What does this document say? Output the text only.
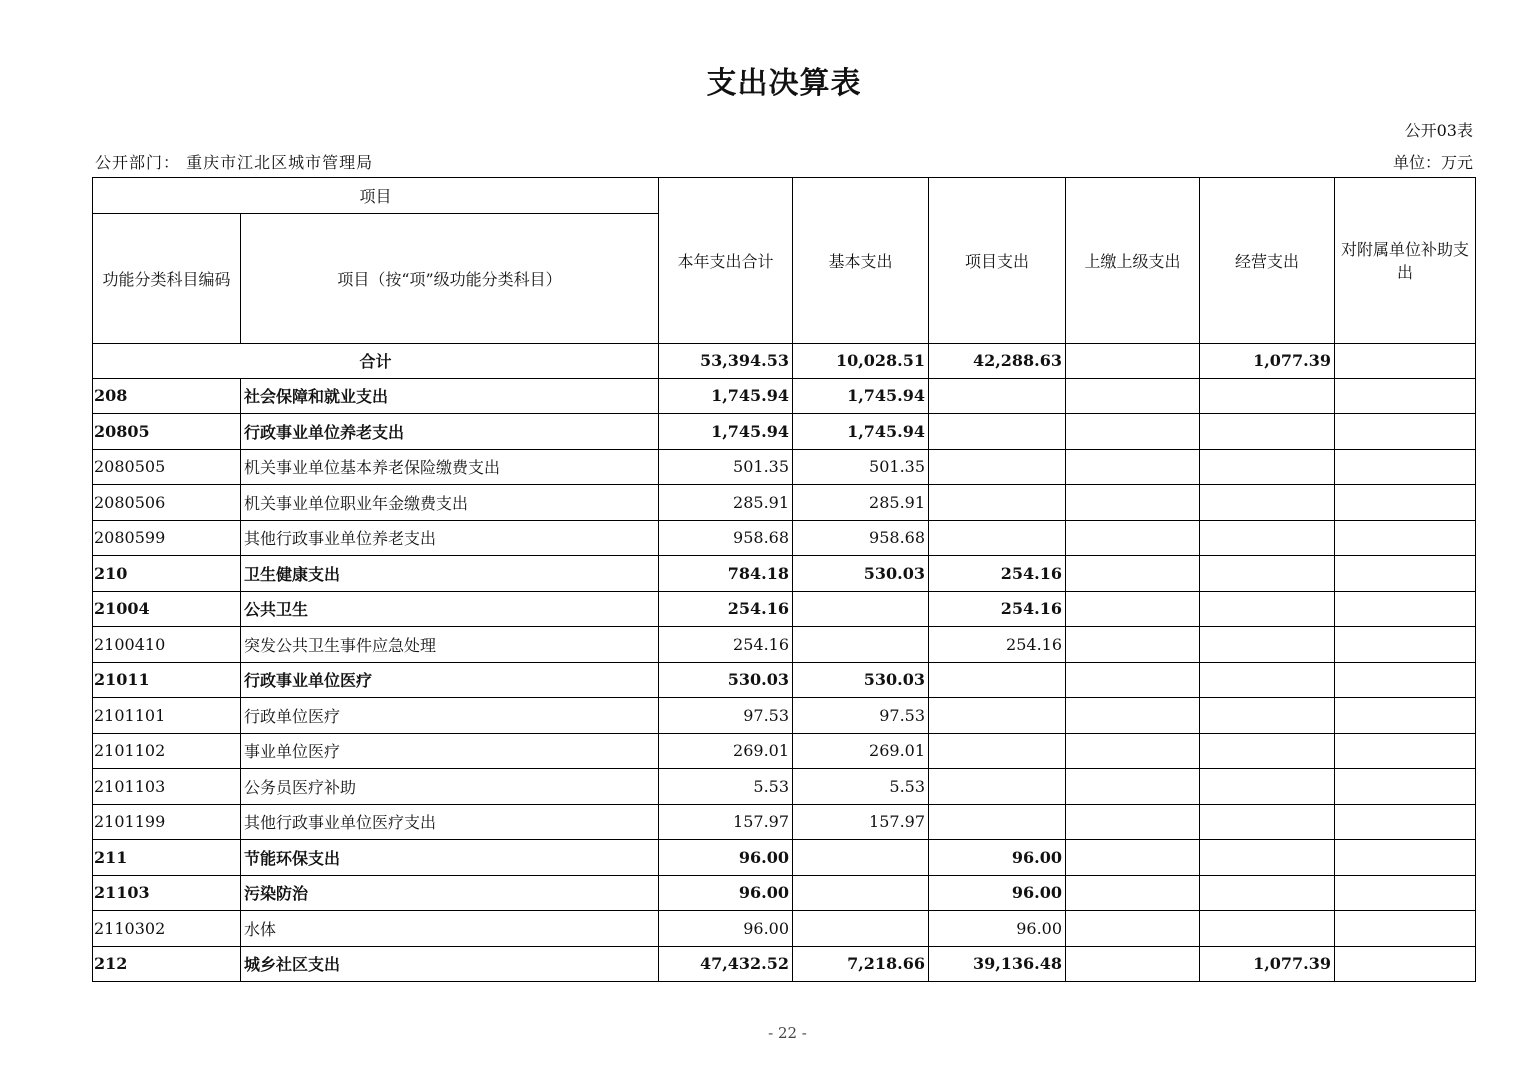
支出决算表
公开03表
公开部门： 重庆市江北区城市管理局	单位：万元
项目		本年支出合计	基本支出	项目支出	上缴上级支出	经营支出	对附属单位补助支出
功能分类科目编码	项目（按“项”级功能分类科目）						
合计		53,394.53	10,028.51	42,288.63		1,077.39	
208	社会保障和就业支出	1,745.94	1,745.94				
20805	行政事业单位养老支出	1,745.94	1,745.94				
2080505	机关事业单位基本养老保险缴费支出	501.35	501.35				
2080506	机关事业单位职业年金缴费支出	285.91	285.91				
2080599	其他行政事业单位养老支出	958.68	958.68				
210	卫生健康支出	784.18	530.03	254.16			
21004	公共卫生	254.16		254.16			
2100410	突发公共卫生事件应急处理	254.16		254.16			
21011	行政事业单位医疗	530.03	530.03				
2101101	行政单位医疗	97.53	97.53				
2101102	事业单位医疗	269.01	269.01				
2101103	公务员医疗补助	5.53	5.53				
2101199	其他行政事业单位医疗支出	157.97	157.97				
211	节能环保支出	96.00		96.00			
21103	污染防治	96.00		96.00			
2110302	水体	96.00		96.00			
212	城乡社区支出	47,432.52	7,218.66	39,136.48		1,077.39	
- 22 -
